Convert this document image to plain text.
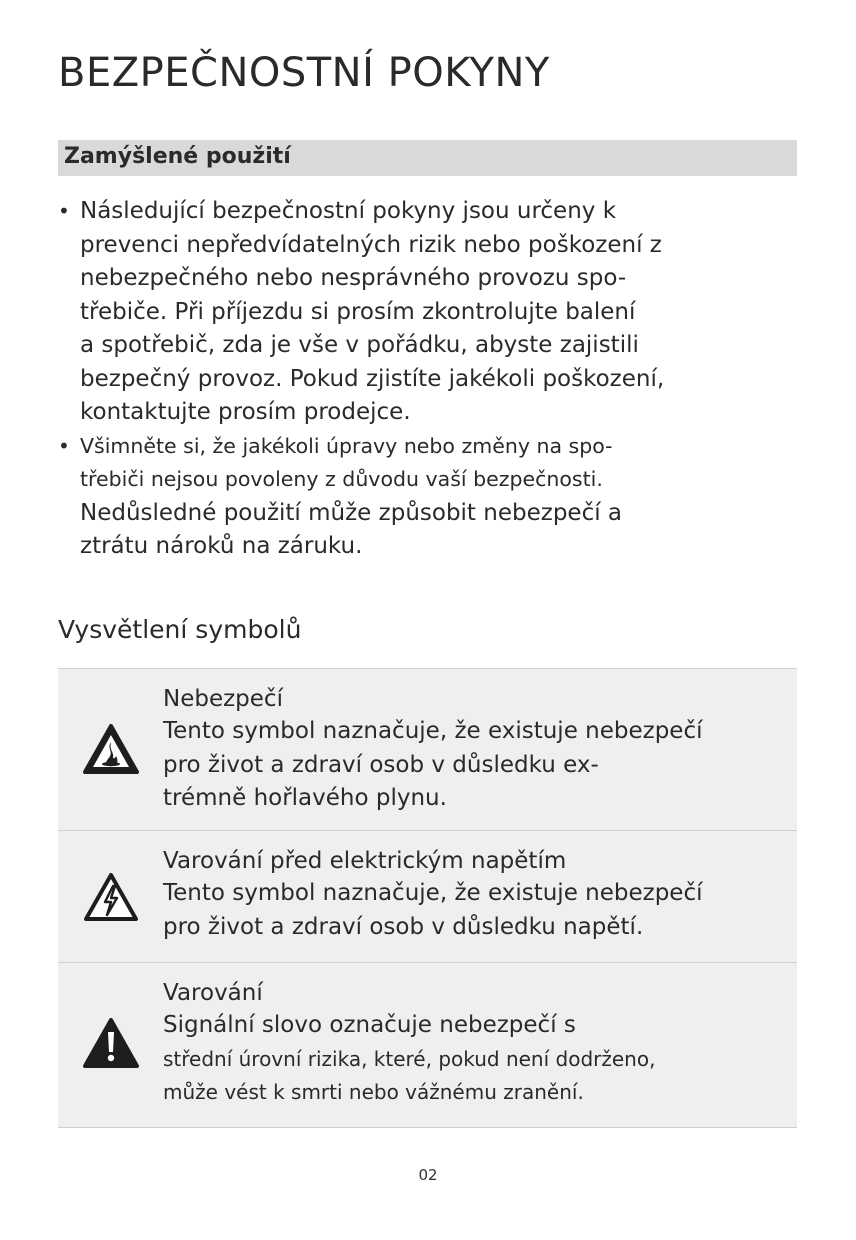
BEZPEČNOSTNÍ POKYNY
Zamýšlené použití
• Následující bezpečnostní pokyny jsou určeny k
prevenci nepředvídatelných rizik nebo poškození z
nebezpečného nebo nesprávného provozu spo-
třebiče. Při příjezdu si prosím zkontrolujte balení
a spotřebič, zda je vše v pořádku, abyste zajistili
bezpečný provoz. Pokud zjistíte jakékoli poškození,
kontaktujte prosím prodejce.
• Všimněte si, že jakékoli úpravy nebo změny na spo-
třebiči nejsou povoleny z důvodu vaší bezpečnosti.
Nedůsledné použití může způsobit nebezpečí a
ztrátu nároků na záruku.
Vysvětlení symbolů
Nebezpečí
Tento symbol naznačuje, že existuje nebezpečí
pro život a zdraví osob v důsledku ex-
trémně hořlavého plynu.
Varování před elektrickým napětím
Tento symbol naznačuje, že existuje nebezpečí
pro život a zdraví osob v důsledku napětí.
Varování
Signální slovo označuje nebezpečí s
střední úrovní rizika, které, pokud není dodrženo,
může vést k smrti nebo vážnému zranění.
02
